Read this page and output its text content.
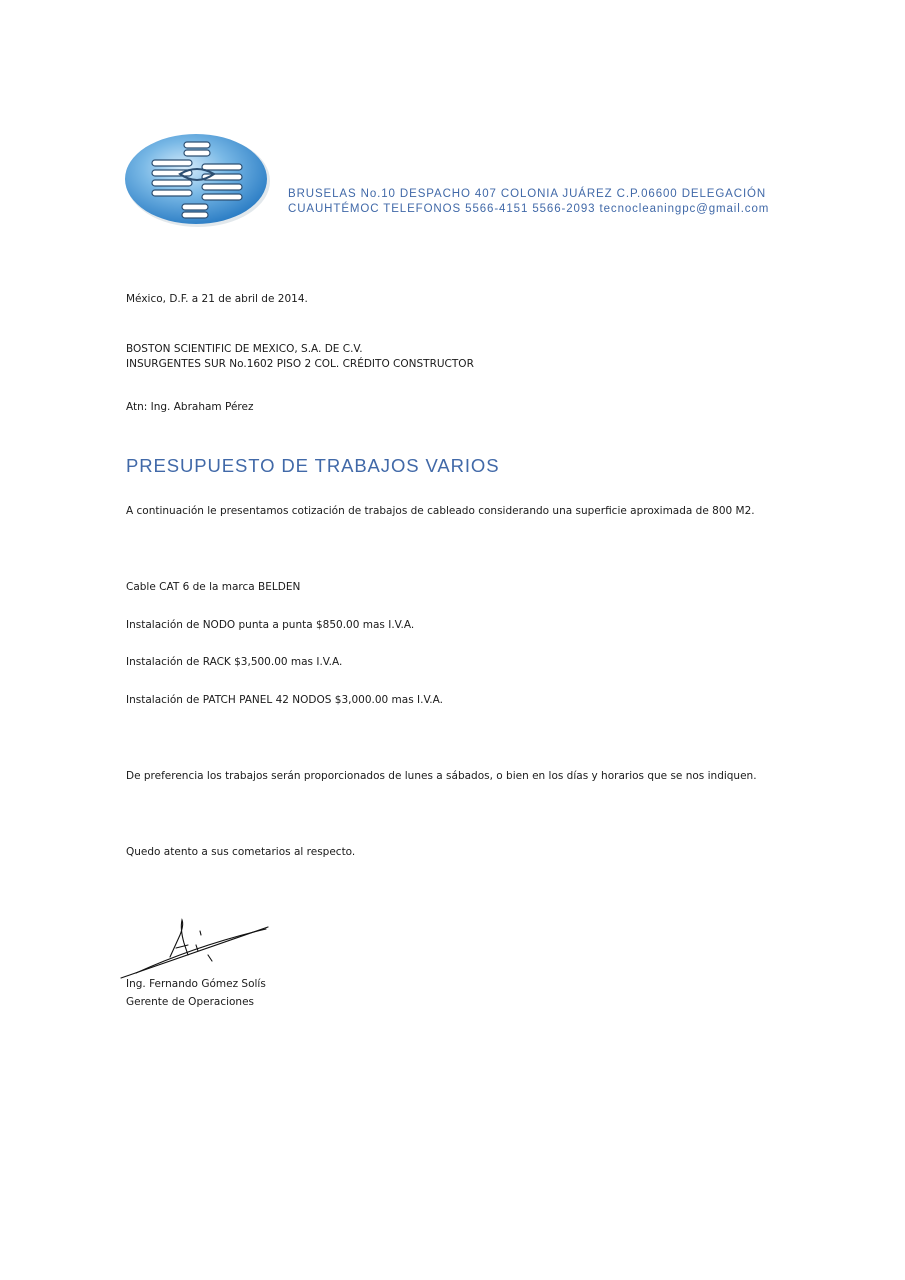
BRUSELAS No.10 DESPACHO 407 COLONIA JUÁREZ C.P.06600 DELEGACIÓN
CUAUHTÉMOC TELEFONOS 5566-4151 5566-2093 tecnocleaningpc@gmail.com
México, D.F. a 21 de abril de 2014.
BOSTON SCIENTIFIC DE MEXICO, S.A. DE C.V.
INSURGENTES SUR No.1602 PISO 2 COL. CRÉDITO CONSTRUCTOR
Atn: Ing. Abraham Pérez
PRESUPUESTO DE TRABAJOS VARIOS
A continuación le presentamos cotización de trabajos de cableado considerando una superficie aproximada de 800 M2.
Cable CAT 6 de la marca BELDEN
Instalación de NODO punta a punta $850.00 mas I.V.A.
Instalación de RACK $3,500.00 mas I.V.A.
Instalación de PATCH PANEL 42 NODOS $3,000.00 mas I.V.A.
De preferencia los trabajos serán proporcionados de lunes a sábados, o bien en los días y horarios que se nos indiquen.
Quedo atento a sus cometarios al respecto.
Ing. Fernando Gómez Solís
Gerente de Operaciones
